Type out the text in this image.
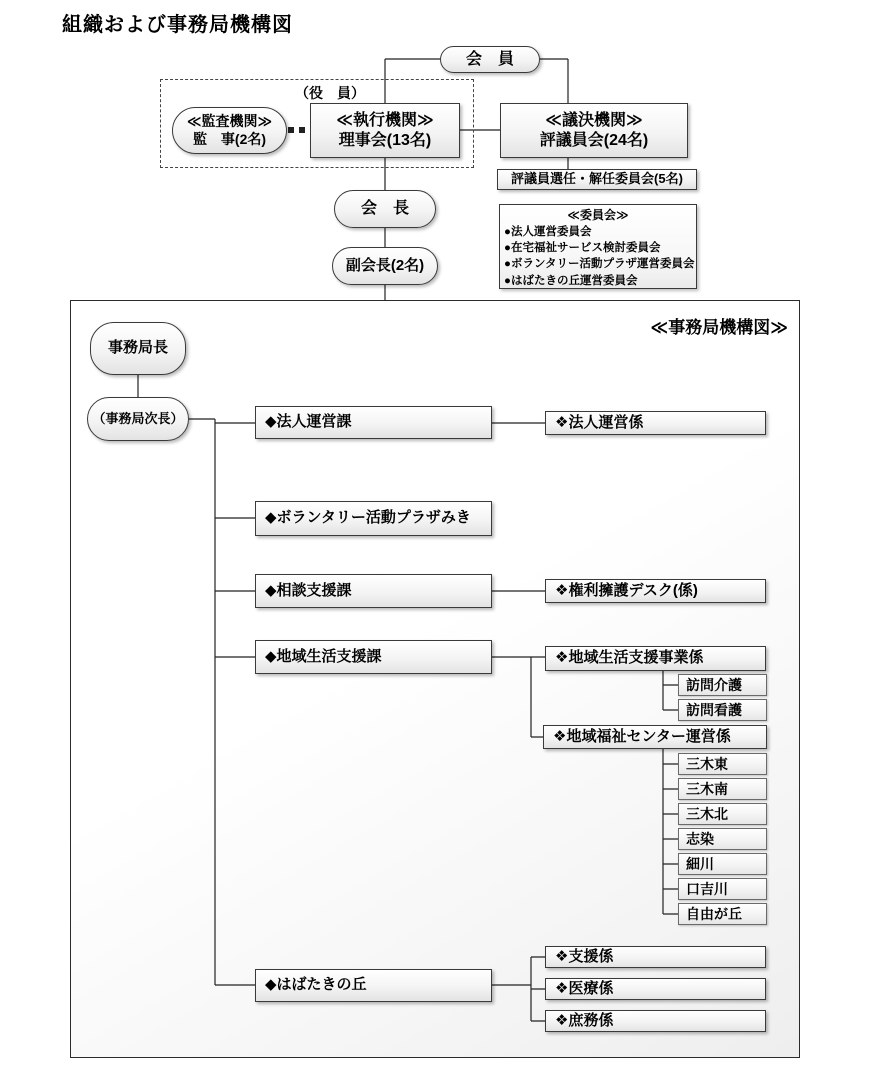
組織および事務局機構図
会　員
（役　員）
≪監査機関≫
監　事(2名)
≪執行機関≫
理事会(13名)
≪議決機関≫
評議員会(24名)
評議員選任・解任委員会(5名)
≪委員会≫
●法人運営委員会
●在宅福祉サービス検討委員会
●ボランタリー活動プラザ運営委員会
●はばたきの丘運営委員会
会　長
副会長(2名)
≪事務局機構図≫
事務局長
（事務局次長）	◆法人運営課
◆ボランタリー活動プラザみき
◆相談支援課
◆地域生活支援課
◆はばたきの丘
❖法人運営係
❖権利擁護デスク(係)
❖地域生活支援事業係
❖地域福祉センター運営係
❖支援係
❖医療係
❖庶務係
訪問介護
訪問看護
三木東
三木南
三木北
志染
細川
口吉川
自由が丘
